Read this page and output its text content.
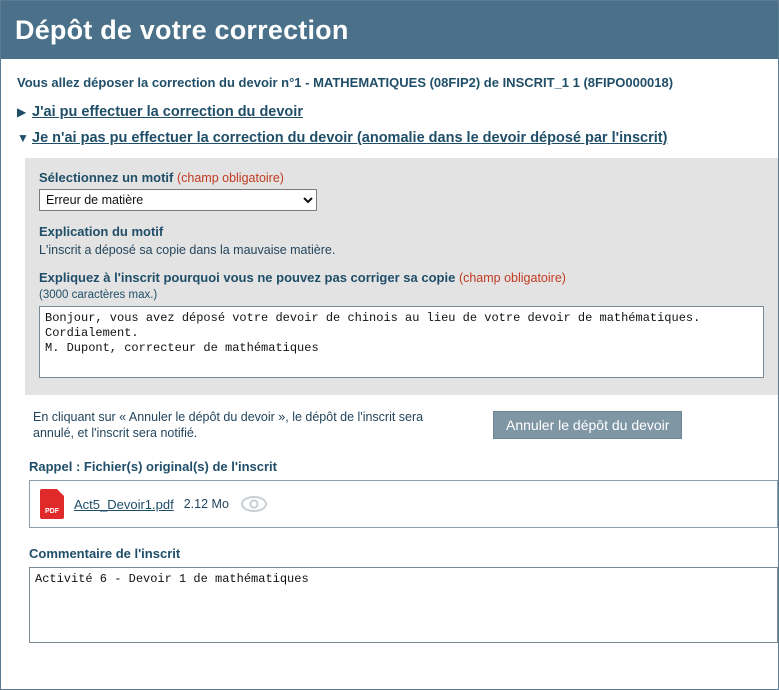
Dépôt de votre correction
Vous allez déposer la correction du devoir n°1 - MATHEMATIQUES (08FIP2) de INSCRIT_1 1 (8FIPO000018)
▶ J'ai pu effectuer la correction du devoir
▼ Je n'ai pas pu effectuer la correction du devoir (anomalie dans le devoir déposé par l'inscrit)
Sélectionnez un motif (champ obligatoire)
Erreur de matière
Explication du motif
L'inscrit a déposé sa copie dans la mauvaise matière.
Expliquez à l'inscrit pourquoi vous ne pouvez pas corriger sa copie (champ obligatoire)
(3000 caractères max.)
Bonjour, vous avez déposé votre devoir de chinois au lieu de votre devoir de mathématiques. Cordialement. M. Dupont, correcteur de mathématiques
En cliquant sur « Annuler le dépôt du devoir », le dépôt de l'inscrit sera annulé, et l'inscrit sera notifié.	Annuler le dépôt du devoir
Rappel : Fichier(s) original(s) de l'inscrit
PDF	Act5_Devoir1.pdf 2.12 Mo
Commentaire de l'inscrit
Activité 6 - Devoir 1 de mathématiques
